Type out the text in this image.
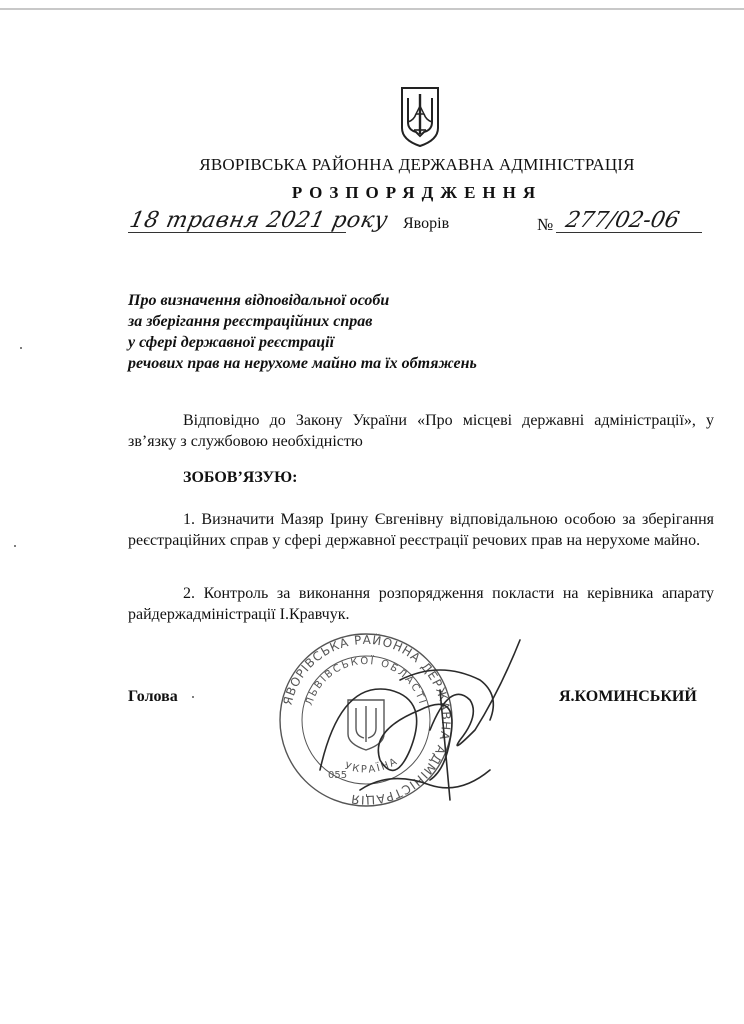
ЯВОРІВСЬКА РАЙОННА ДЕРЖАВНА АДМІНІСТРАЦІЯ
РОЗПОРЯДЖЕННЯ
18 травня 2021 року Яворів	№ 277/02-06
Про визначення відповідальної особи
за зберігання реєстраційних справ
у сфері державної реєстрації
речових прав на нерухоме майно та їх обтяжень
Відповідно до Закону України «Про місцеві державні адміністрації», у зв’язку з службовою необхідністю
ЗОБОВ’ЯЗУЮ:
1. Визначити Мазяр Ірину Євгенівну відповідальною особою за зберігання реєстраційних справ у сфері державної реєстрації речових прав на нерухоме майно.
2. Контроль за виконання розпорядження покласти на керівника апарату райдержадміністрації І.Кравчук.
ЯВОРІВСЬКА РАЙОННА ДЕРЖАВНА АДМІНІСТРАЦІЯ
ЛЬВІВСЬКОЇ ОБЛАСТІ
УКРАЇНА
055
Голова	Я.КОМИНСЬКИЙ
